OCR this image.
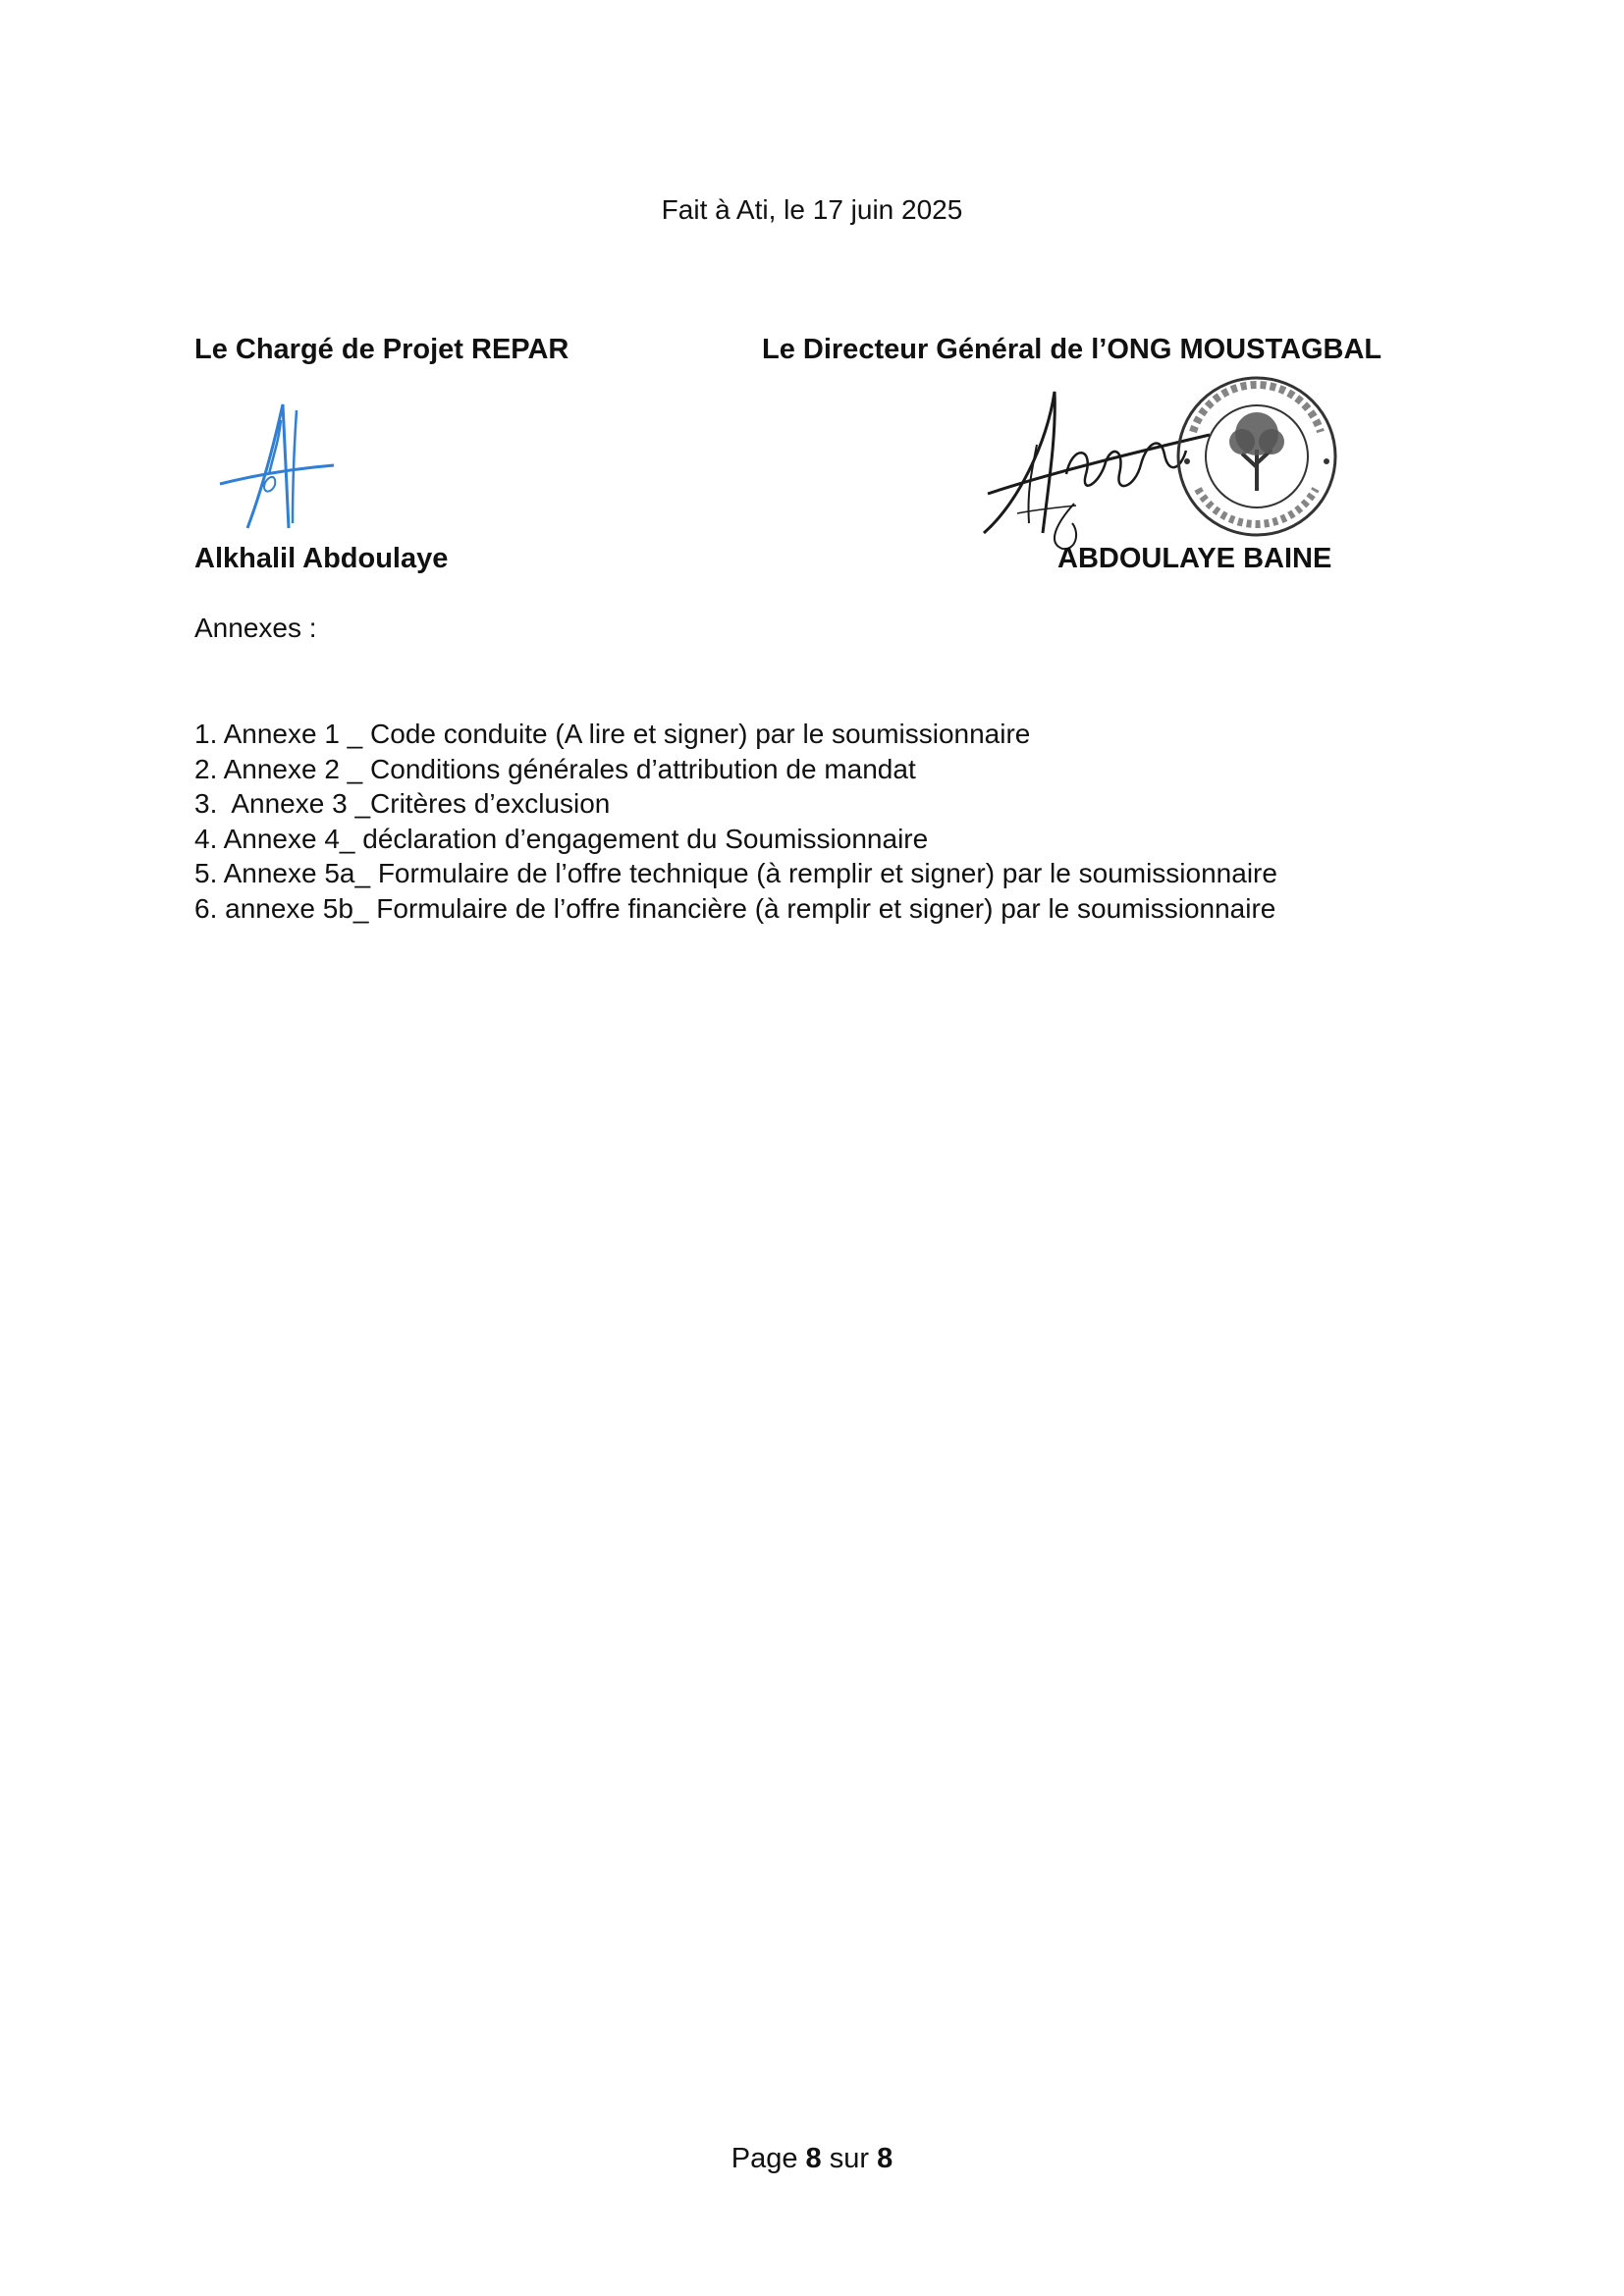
Fait à Ati, le 17 juin 2025
Le Chargé de Projet REPAR	Le Directeur Général de l’ONG MOUSTAGBAL
Alkhalil Abdoulaye	ABDOULAYE BAINE
Annexes :
1. Annexe 1 _ Code conduite (A lire et signer) par le soumissionnaire
2. Annexe 2 _ Conditions générales d’attribution de mandat
3.  Annexe 3 _Critères d’exclusion
4. Annexe 4_ déclaration d’engagement du Soumissionnaire
5. Annexe 5a_ Formulaire de l’offre technique (à remplir et signer) par le soumissionnaire
6. annexe 5b_ Formulaire de l’offre financière (à remplir et signer) par le soumissionnaire
Page 8 sur 8
